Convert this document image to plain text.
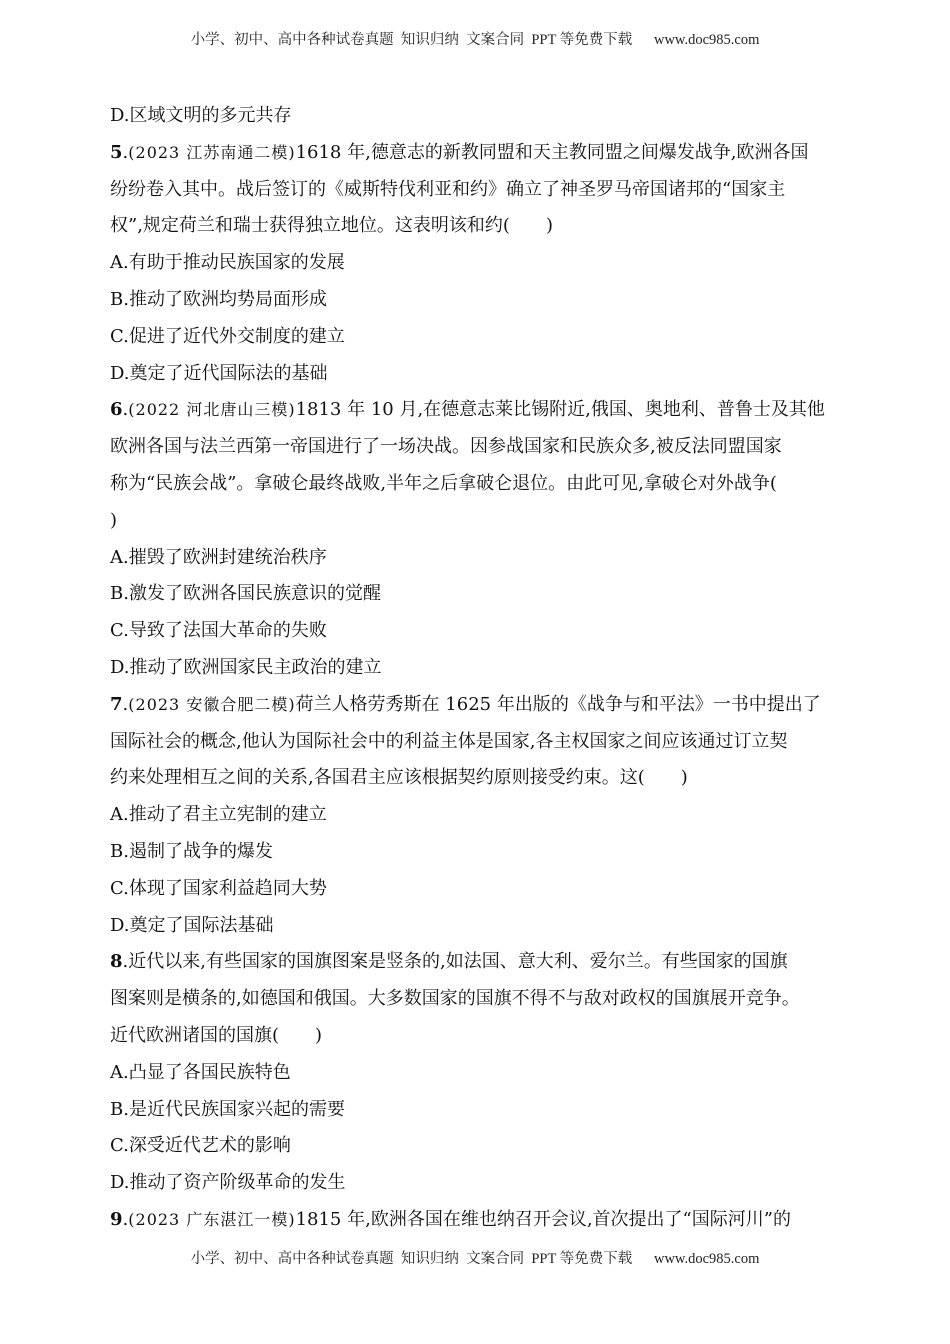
小学、初中、高中各种试卷真题  知识归纳  文案合同  PPT 等免费下载      www.doc985.com
D.区域文明的多元共存
5.(2023 江苏南通二模)1618 年,德意志的新教同盟和天主教同盟之间爆发战争,欧洲各国
纷纷卷入其中。战后签订的《威斯特伐利亚和约》确立了神圣罗马帝国诸邦的“国家主
权”,规定荷兰和瑞士获得独立地位。这表明该和约(　　)
A.有助于推动民族国家的发展
B.推动了欧洲均势局面形成
C.促进了近代外交制度的建立
D.奠定了近代国际法的基础
6.(2022 河北唐山三模)1813 年 10 月,在德意志莱比锡附近,俄国、奥地利、普鲁士及其他
欧洲各国与法兰西第一帝国进行了一场决战。因参战国家和民族众多,被反法同盟国家
称为“民族会战”。拿破仑最终战败,半年之后拿破仑退位。由此可见,拿破仑对外战争(
)
A.摧毁了欧洲封建统治秩序
B.激发了欧洲各国民族意识的觉醒
C.导致了法国大革命的失败
D.推动了欧洲国家民主政治的建立
7.(2023 安徽合肥二模)荷兰人格劳秀斯在 1625 年出版的《战争与和平法》一书中提出了
国际社会的概念,他认为国际社会中的利益主体是国家,各主权国家之间应该通过订立契
约来处理相互之间的关系,各国君主应该根据契约原则接受约束。这(　　)
A.推动了君主立宪制的建立
B.遏制了战争的爆发
C.体现了国家利益趋同大势
D.奠定了国际法基础
8.近代以来,有些国家的国旗图案是竖条的,如法国、意大利、爱尔兰。有些国家的国旗
图案则是横条的,如德国和俄国。大多数国家的国旗不得不与敌对政权的国旗展开竞争。
近代欧洲诸国的国旗(　　)
A.凸显了各国民族特色
B.是近代民族国家兴起的需要
C.深受近代艺术的影响
D.推动了资产阶级革命的发生
9.(2023 广东湛江一模)1815 年,欧洲各国在维也纳召开会议,首次提出了“国际河川”的
小学、初中、高中各种试卷真题  知识归纳  文案合同  PPT 等免费下载      www.doc985.com
